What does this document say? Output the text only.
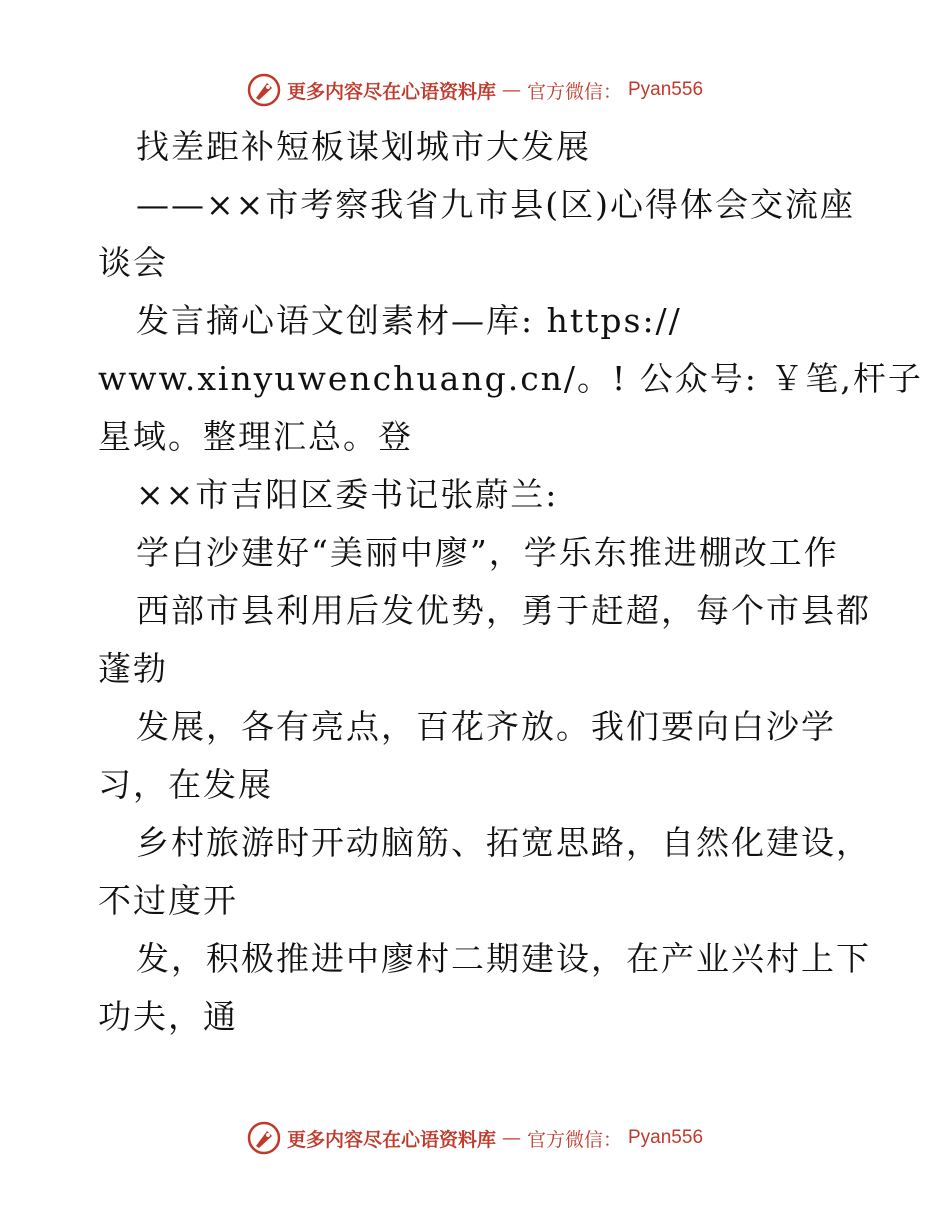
更多内容尽在心语资料库 — 官方微信： Pyan556
找差距补短板谋划城市大发展
——××市考察我省九市县(区)心得体会交流座
谈会
发言摘心语文创素材—库: https://
www.xinyuwenchuang.cn/。! 公众号: ￥笔,杆子
星域。整理汇总。登
××市吉阳区委书记张蔚兰:
学白沙建好“美丽中廖”，学乐东推进棚改工作
西部市县利用后发优势，勇于赶超，每个市县都
蓬勃
发展，各有亮点，百花齐放。我们要向白沙学
习，在发展
乡村旅游时开动脑筋、拓宽思路，自然化建设，
不过度开
发，积极推进中廖村二期建设，在产业兴村上下
功夫，通
更多内容尽在心语资料库 — 官方微信： Pyan556
